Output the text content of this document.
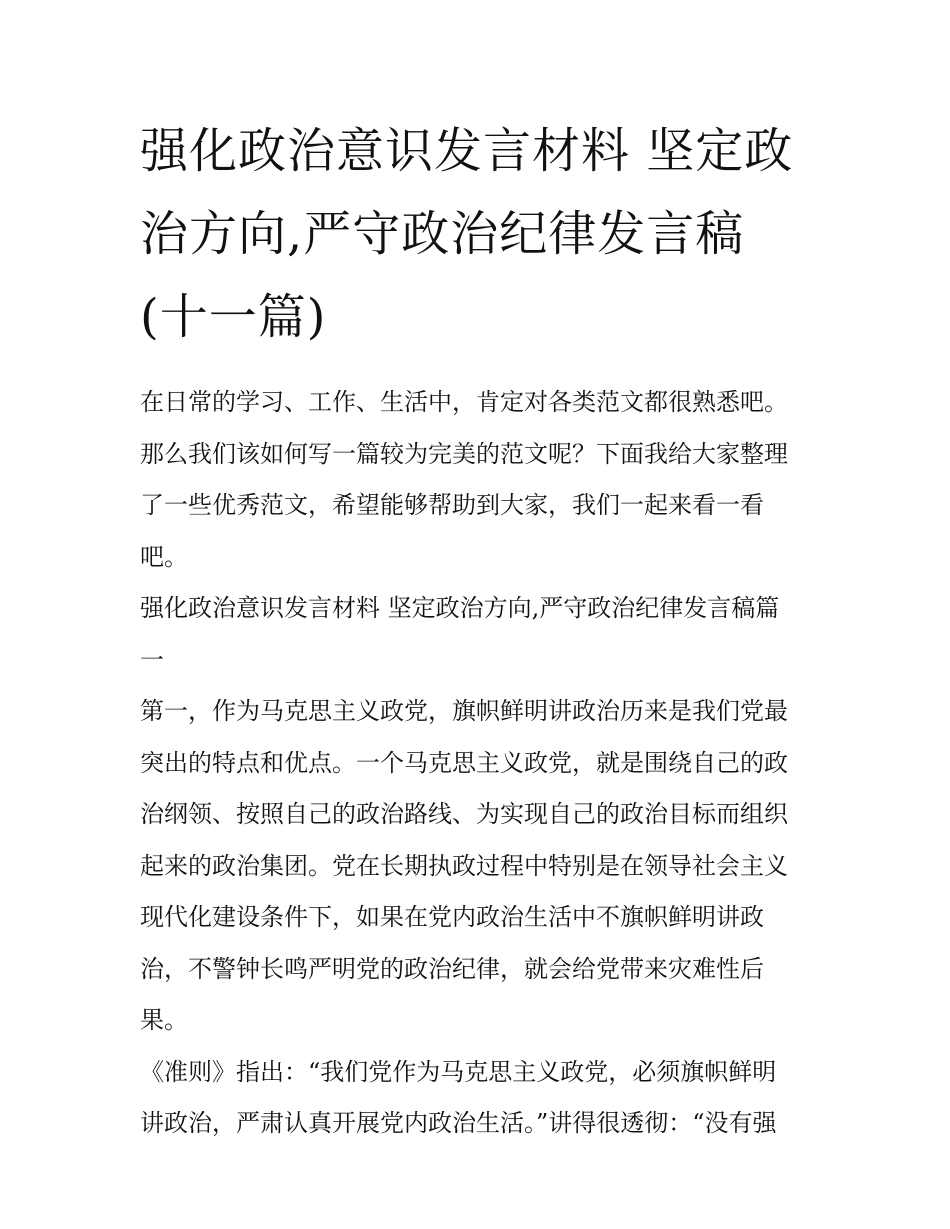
强化政治意识发言材料 坚定政
治方向,严守政治纪律发言稿
(十一篇)
在日常的学习、工作、生活中，肯定对各类范文都很熟悉吧。
那么我们该如何写一篇较为完美的范文呢？下面我给大家整理
了一些优秀范文，希望能够帮助到大家，我们一起来看一看
吧。
强化政治意识发言材料 坚定政治方向,严守政治纪律发言稿篇
一
第一，作为马克思主义政党，旗帜鲜明讲政治历来是我们党最
突出的特点和优点。一个马克思主义政党，就是围绕自己的政
治纲领、按照自己的政治路线、为实现自己的政治目标而组织
起来的政治集团。党在长期执政过程中特别是在领导社会主义
现代化建设条件下，如果在党内政治生活中不旗帜鲜明讲政
治，不警钟长鸣严明党的政治纪律，就会给党带来灾难性后
果。
《准则》指出：“我们党作为马克思主义政党，必须旗帜鲜明
讲政治，严肃认真开展党内政治生活。”讲得很透彻：“没有强
